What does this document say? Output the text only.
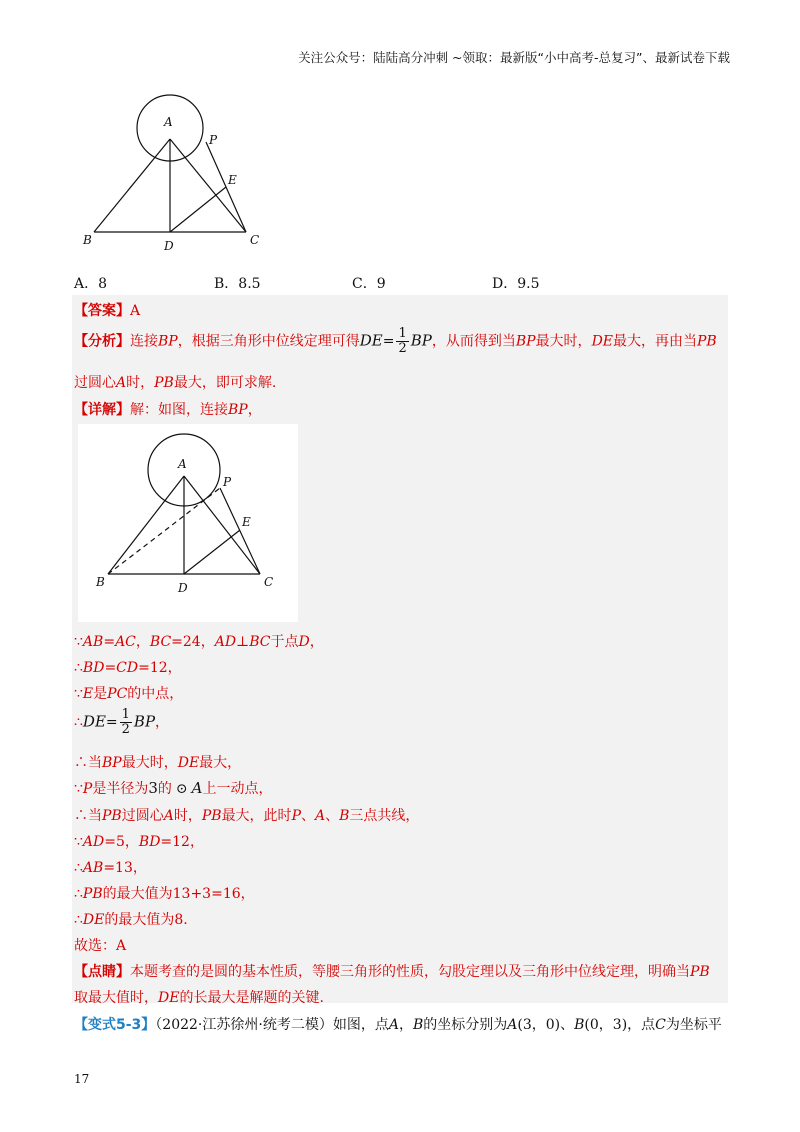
关注公众号：陆陆高分冲刺 ~领取：最新版“小中高考-总复习”、最新试卷下载
A
P
E
B	D	C
A．8	B．8.5	C．9	D．9.5
【答案】A
【分析】连接BP，根据三角形中位线定理可得$DE= \frac{1}{2}$ BP，从而得到当BP最大时，DE最大，再由当PB
过圆心A时，PB最大，即可求解.
【详解】解：如图，连接BP，
A
P
E
B	D	C
∵AB=AC，BC=24，AD⊥BC于点D，
∴BD=CD=12，
∵E是PC的中点，
∴DE= $\frac{1}{2}$ BP，
∴当BP最大时，DE最大，
∵P是半径为3的 ⊙ A上一动点，
∴当PB过圆心A时，PB最大，此时P、A、B三点共线，
∵AD=5，BD=12，
∴AB=13，
∴PB的最大值为13+3=16，
∴DE的最大值为8.
故选：A
【点睛】本题考查的是圆的基本性质，等腰三角形的性质，勾股定理以及三角形中位线定理，明确当PB
取最大值时，DE的长最大是解题的关键.
【变式5-3】（2022·江苏徐州·统考二模）如图，点A，B的坐标分别为A(3，0)、B(0，3)，点C为坐标平
17
